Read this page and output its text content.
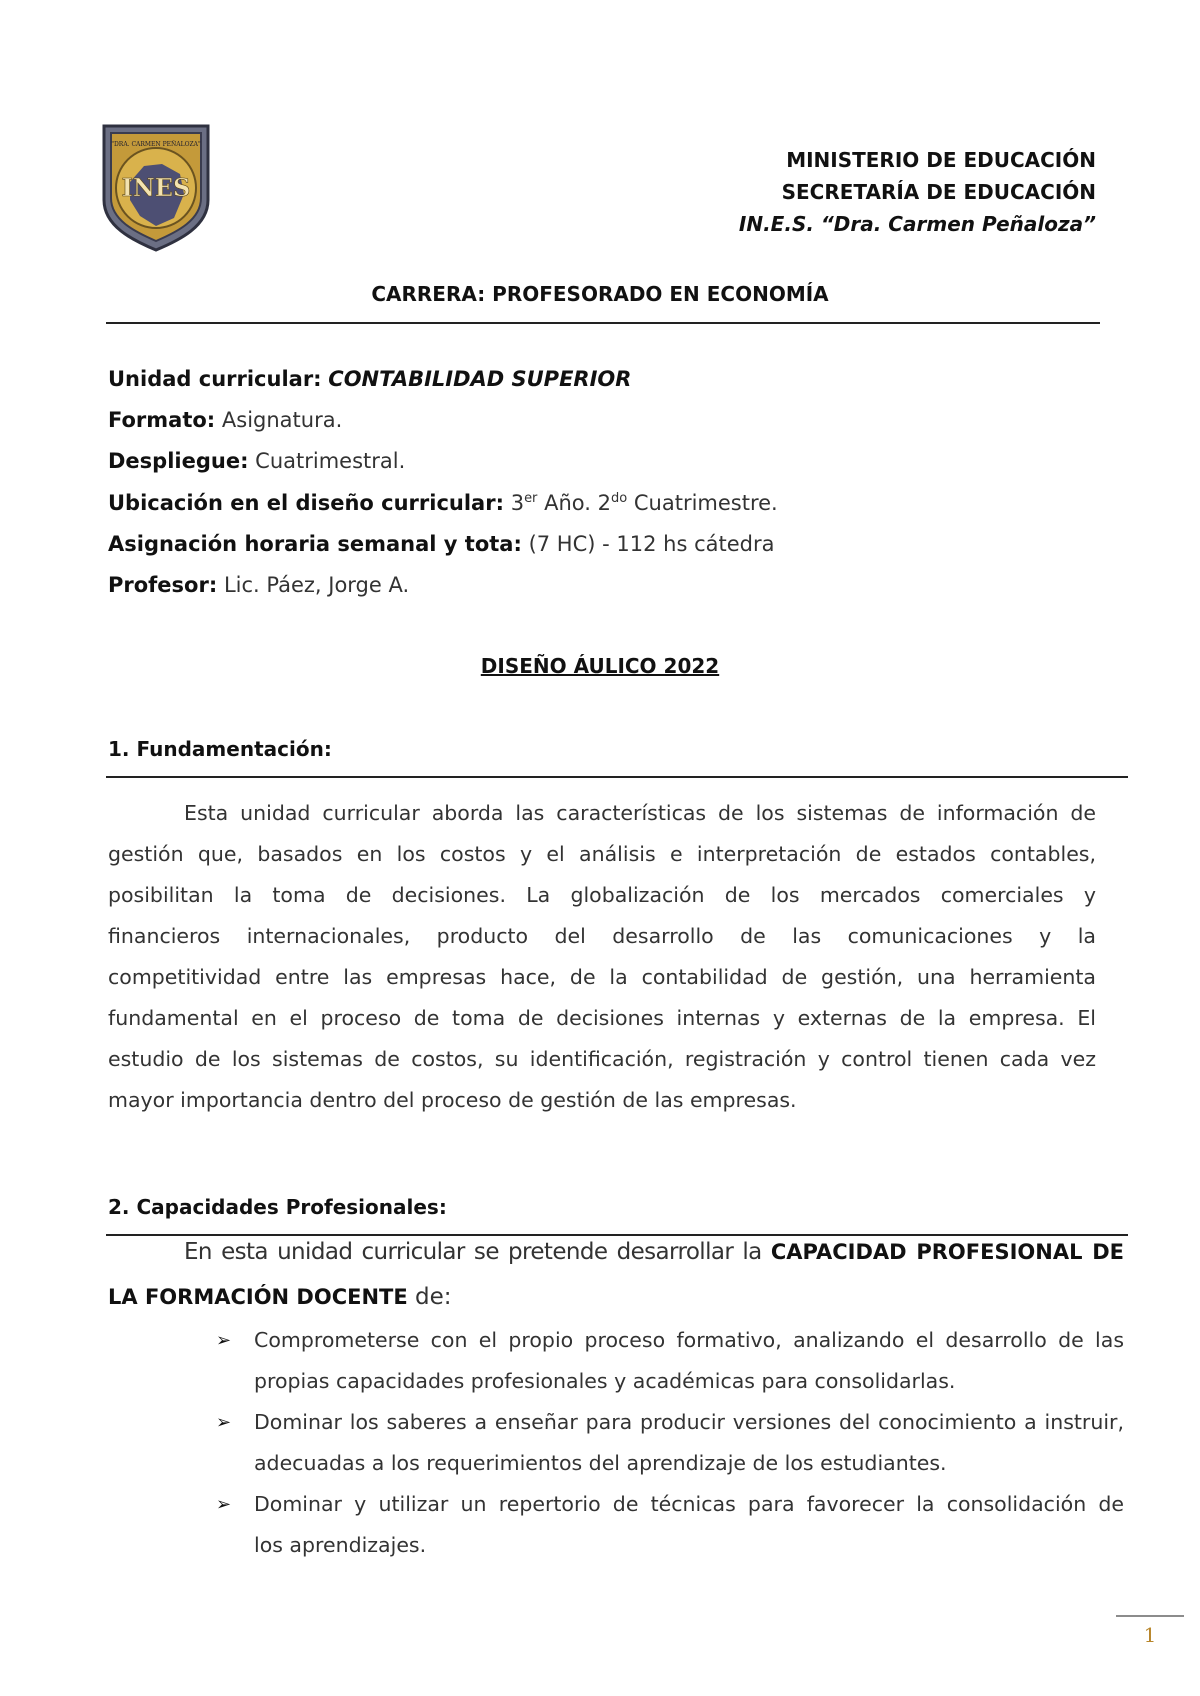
INES
"DRA. CARMEN PEÑALOZA"
MINISTERIO DE EDUCACIÓN
SECRETARÍA DE EDUCACIÓN
IN.E.S. “Dra. Carmen Peñaloza”
CARRERA: PROFESORADO EN ECONOMÍA
Unidad curricular: CONTABILIDAD SUPERIOR
Formato: Asignatura.
Despliegue: Cuatrimestral.
Ubicación en el diseño curricular: 3er Año. $2^{do}$ Cuatrimestre.
Asignación horaria semanal y tota: (7 HC) - 112 hs cátedra
Profesor: Lic. Páez, Jorge A.
DISEÑO ÁULICO 2022
1. Fundamentación:
Esta unidad curricular aborda las características de los sistemas de información de
gestión que, basados en los costos y el análisis e interpretación de estados contables,
posibilitan la toma de decisiones. La globalización de los mercados comerciales y
financieros internacionales, producto del desarrollo de las comunicaciones y la
competitividad entre las empresas hace, de la contabilidad de gestión, una herramienta
fundamental en el proceso de toma de decisiones internas y externas de la empresa. El
estudio de los sistemas de costos, su identificación, registración y control tienen cada vez
mayor importancia dentro del proceso de gestión de las empresas.
2. Capacidades Profesionales:
En esta unidad curricular se pretende desarrollar la CAPACIDAD PROFESIONAL DE
LA FORMACIÓN DOCENTE de:
➢ Comprometerse con el propio proceso formativo, analizando el desarrollo de las
propias capacidades profesionales y académicas para consolidarlas.
➢ Dominar los saberes a enseñar para producir versiones del conocimiento a instruir,
adecuadas a los requerimientos del aprendizaje de los estudiantes.
➢ Dominar y utilizar un repertorio de técnicas para favorecer la consolidación de
los aprendizajes.
1
